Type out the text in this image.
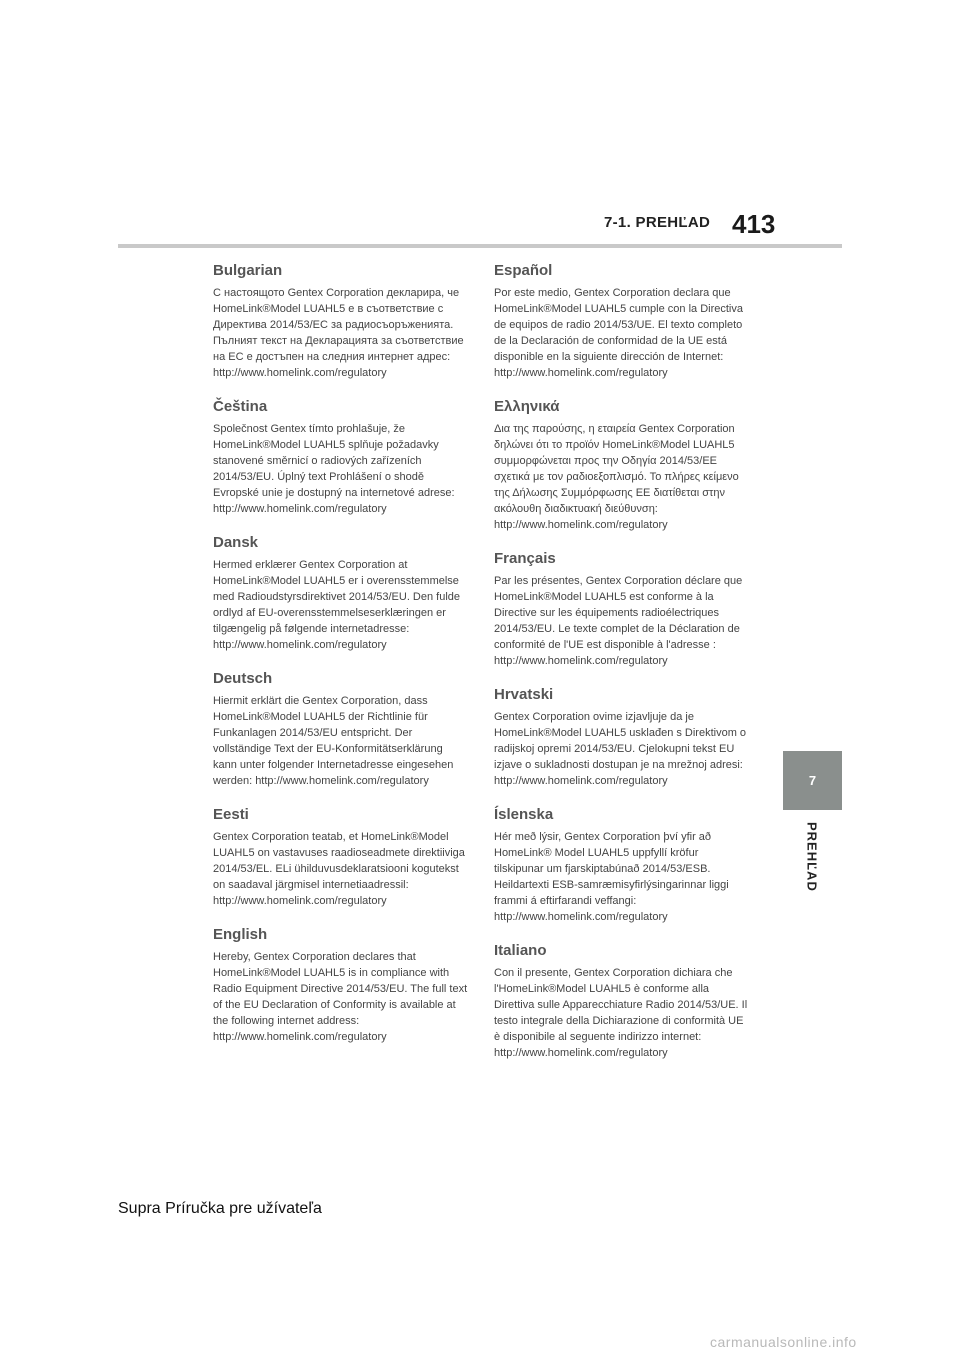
7-1. PREHĽAD 413
Bulgarian

С настоящото Gentex Corporation декларира, че HomeLink®Model LUAHL5 е в съответствие с Директива 2014/53/ЕС за радиосъоръженията. Пълният текст на Декларацията за съответствие на ЕС е достъпен на следния интернет адрес: http://www.homelink.com/regulatory

Čeština

Společnost Gentex tímto prohlašuje, že HomeLink®Model LUAHL5 splňuje požadavky stanovené směrnicí o radiových zařízeních 2014/53/EU. Úplný text Prohlášení o shodě Evropské unie je dostupný na internetové adrese: http://www.homelink.com/regulatory

Dansk

Hermed erklærer Gentex Corporation at HomeLink®Model LUAHL5 er i overensstemmelse med Radioudstyrsdirektivet 2014/53/EU. Den fulde ordlyd af EU-overensstemmelseserklæringen er tilgængelig på følgende internetadresse: http://www.homelink.com/regulatory

Deutsch

Hiermit erklärt die Gentex Corporation, dass HomeLink®Model LUAHL5 der Richtlinie für Funkanlagen 2014/53/EU entspricht. Der vollständige Text der EU-Konformitätserklärung kann unter folgender Internetadresse eingesehen werden: http://www.homelink.com/regulatory

Eesti

Gentex Corporation teatab, et HomeLink®Model LUAHL5 on vastavuses raadioseadmete direktiiviga 2014/53/EL. ELi ühilduvusdeklaratsiooni kogutekst on saadaval järgmisel internetiaadressil: http://www.homelink.com/regulatory

English

Hereby, Gentex Corporation declares that HomeLink®Model LUAHL5 is in compliance with Radio Equipment Directive 2014/53/EU. The full text of the EU Declaration of Conformity is available at the following internet address: http://www.homelink.com/regulatory

Español

Por este medio, Gentex Corporation declara que HomeLink®Model LUAHL5 cumple con la Directiva de equipos de radio 2014/53/UE. El texto completo de la Declaración de conformidad de la UE está disponible en la siguiente dirección de Internet: http://www.homelink.com/regulatory

Ελληνικά

Δια της παρούσης, η εταιρεία Gentex Corporation δηλώνει ότι το προϊόν HomeLink®Model LUAHL5 συμμορφώνεται προς την Οδηγία 2014/53/ΕΕ σχετικά με τον ραδιοεξοπλισμό. Το πλήρες κείμενο της Δήλωσης Συμμόρφωσης ΕΕ διατίθεται στην ακόλουθη διαδικτυακή διεύθυνση: http://www.homelink.com/regulatory

Français

Par les présentes, Gentex Corporation déclare que HomeLink®Model LUAHL5 est conforme à la Directive sur les équipements radioélectriques 2014/53/EU. Le texte complet de la Déclaration de conformité de l'UE est disponible à l'adresse : http://www.homelink.com/regulatory

Hrvatski

Gentex Corporation ovime izjavljuje da je HomeLink®Model LUAHL5 usklađen s Direktivom o radijskoj opremi 2014/53/EU. Cjelokupni tekst EU izjave o sukladnosti dostupan je na mrežnoj adresi: http://www.homelink.com/regulatory

Íslenska

Hér með lýsir, Gentex Corporation því yfir að HomeLink® Model LUAHL5 uppfyllí kröfur tilskipunar um fjarskiptabúnað 2014/53/ESB. Heildartexti ESB-samræmisyfirlýsingarinnar liggi frammi á eftirfarandi veffangi: http://www.homelink.com/regulatory

Italiano

Con il presente, Gentex Corporation dichiara che l'HomeLink®Model LUAHL5 è conforme alla Direttiva sulle Apparecchiature Radio 2014/53/UE. Il testo integrale della Dichiarazione di conformità UE è disponibile al seguente indirizzo internet: http://www.homelink.com/regulatory

7
PREHĽAD
Supra Príručka pre užívateľa
carmanualsonline.info
